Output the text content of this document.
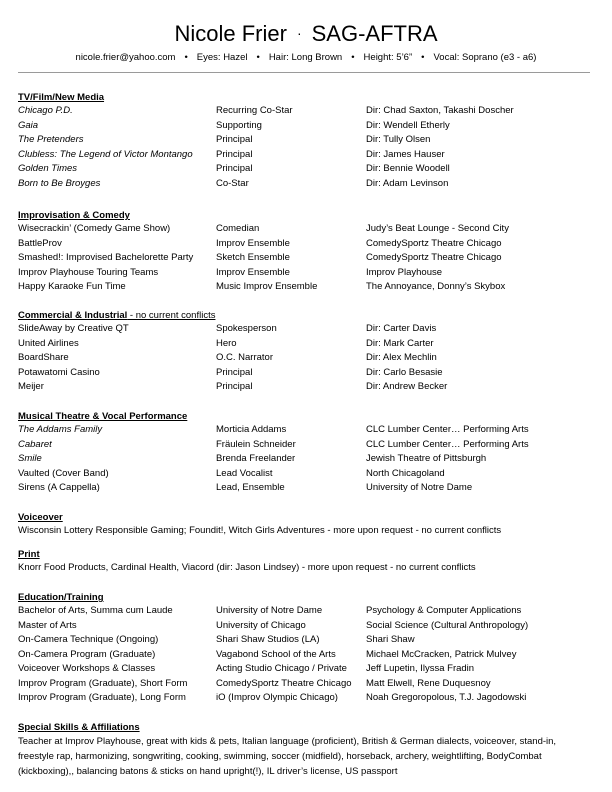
Nicole Frier · SAG-AFTRA
nicole.frier@yahoo.com • Eyes: Hazel • Hair: Long Brown • Height: 5’6” • Vocal: Soprano (e3 - a6)
TV/Film/New Media
Chicago P.D.	Recurring Co-Star	Dir: Chad Saxton, Takashi Doscher
Gaia	Supporting	Dir: Wendell Etherly
The Pretenders	Principal	Dir: Tully Olsen
Clubless: The Legend of Victor Montango	Principal	Dir: James Hauser
Golden Times	Principal	Dir: Bennie Woodell
Born to Be Broyges	Co-Star	Dir: Adam Levinson
Improvisation & Comedy
Wisecrackin’ (Comedy Game Show)	Comedian	Judy’s Beat Lounge - Second City
BattleProv	Improv Ensemble	ComedySportz Theatre Chicago
Smashed!: Improvised Bachelorette Party	Sketch Ensemble	ComedySportz Theatre Chicago
Improv Playhouse Touring Teams	Improv Ensemble	Improv Playhouse
Happy Karaoke Fun Time	Music Improv Ensemble	The Annoyance, Donny’s Skybox
Commercial & Industrial - no current conflicts
SlideAway by Creative QT	Spokesperson	Dir: Carter Davis
United Airlines	Hero	Dir: Mark Carter
BoardShare	O.C. Narrator	Dir: Alex Mechlin
Potawatomi Casino	Principal	Dir: Carlo Besasie
Meijer	Principal	Dir: Andrew Becker
Musical Theatre & Vocal Performance
The Addams Family	Morticia Addams	CLC Lumber Center… Performing Arts
Cabaret	Fräulein Schneider	CLC Lumber Center… Performing Arts
Smile	Brenda Freelander	Jewish Theatre of Pittsburgh
Vaulted (Cover Band)	Lead Vocalist	North Chicagoland
Sirens (A Cappella)	Lead, Ensemble	University of Notre Dame
Voiceover
Wisconsin Lottery Responsible Gaming; Foundit!, Witch Girls Adventures - more upon request - no current conflicts
Print
Knorr Food Products, Cardinal Health, Viacord (dir: Jason Lindsey) - more upon request - no current conflicts
Education/Training
Bachelor of Arts, Summa cum Laude	University of Notre Dame	Psychology & Computer Applications
Master of Arts	University of Chicago	Social Science (Cultural Anthropology)
On-Camera Technique (Ongoing)	Shari Shaw Studios (LA)	Shari Shaw
On-Camera Program (Graduate)	Vagabond School of the Arts	Michael McCracken, Patrick Mulvey
Voiceover Workshops & Classes	Acting Studio Chicago / Private	Jeff Lupetin, Ilyssa Fradin
Improv Program (Graduate), Short Form	ComedySportz Theatre Chicago	Matt Elwell, Rene Duquesnoy
Improv Program (Graduate), Long Form	iO (Improv Olympic Chicago)	Noah Gregoropolous, T.J. Jagodowski
Special Skills & Affiliations
Teacher at Improv Playhouse, great with kids & pets, Italian language (proficient), British & German dialects, voiceover, stand-in, freestyle rap, harmonizing, songwriting, cooking, swimming, soccer (midfield), horseback, archery, weightlifting, BodyCombat (kickboxing),, balancing batons & sticks on hand upright(!), IL driver’s license, US passport
